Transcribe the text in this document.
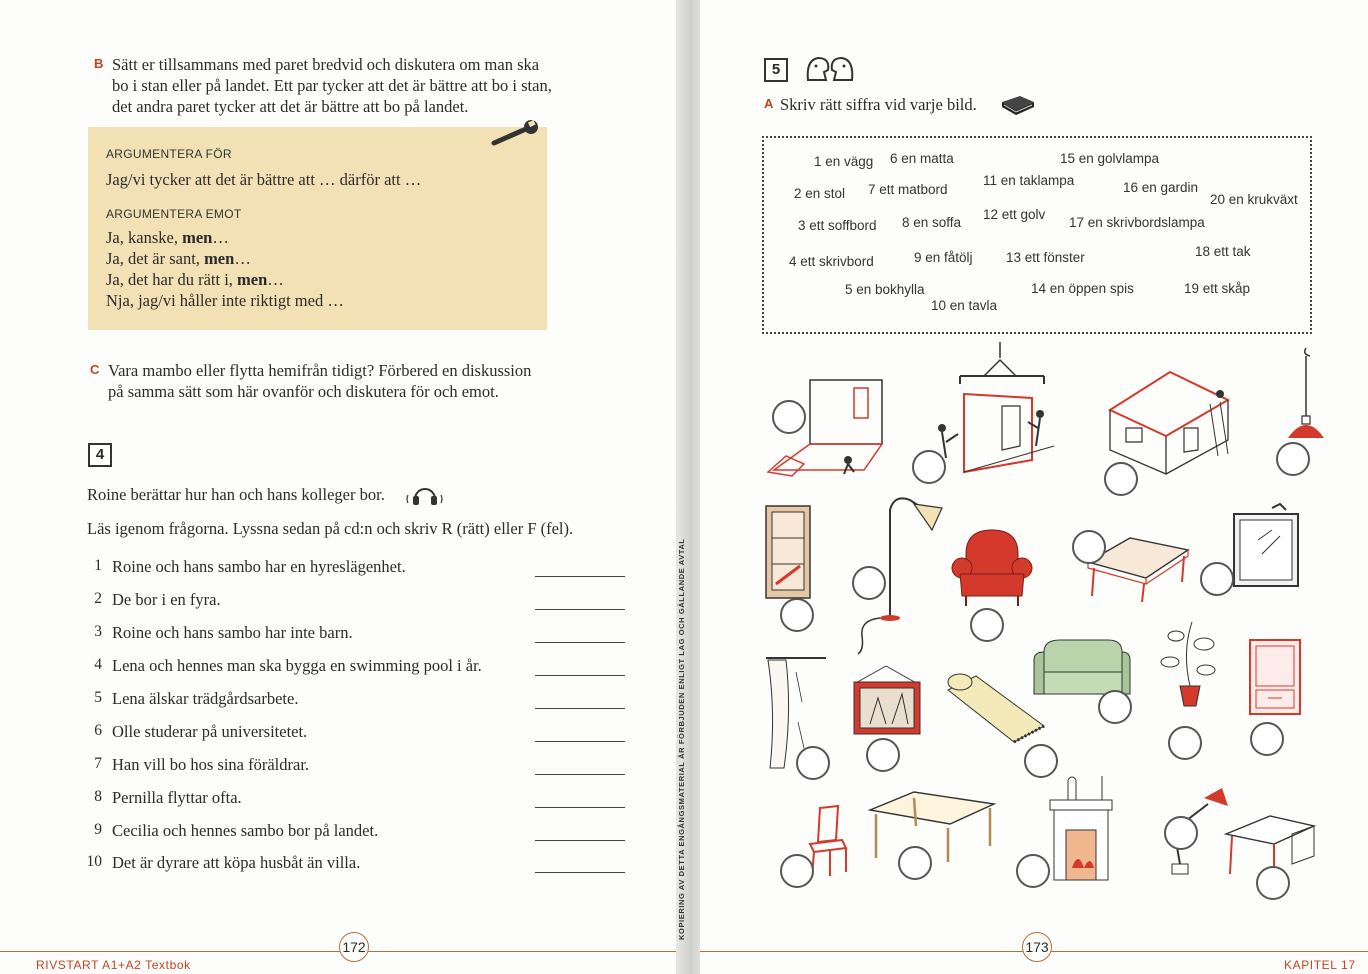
B Sätt er tillsammans med paret bredvid och diskutera om man ska
bo i stan eller på landet. Ett par tycker att det är bättre att bo i stan,
det andra paret tycker att det är bättre att bo på landet.
ARGUMENTERA FÖR
Jag/vi tycker att det är bättre att … därför att …
ARGUMENTERA EMOT
Ja, kanske, men…
Ja, det är sant, men…
Ja, det har du rätt i, men…
Nja, jag/vi håller inte riktigt med …
C Vara mambo eller flytta hemifrån tidigt? Förbered en diskussion
på samma sätt som här ovanför och diskutera för och emot.
4
Roine berättar hur han och hans kolleger bor.
Läs igenom frågorna. Lyssna sedan på cd:n och skriv R (rätt) eller F (fel).
1 Roine och hans sambo har en hyreslägenhet.
2 De bor i en fyra.
3 Roine och hans sambo har inte barn.
4 Lena och hennes man ska bygga en swimming pool i år.
5 Lena älskar trädgårdsarbete.
6 Olle studerar på universitetet.
7 Han vill bo hos sina föräldrar.
8 Pernilla flyttar ofta.
9 Cecilia och hennes sambo bor på landet.
10 Det är dyrare att köpa husbåt än villa.
172
RIVSTART A1+A2 Textbok
KOPIERING AV DETTA ENGÅNGSMATERIAL ÄR FÖRBJUDEN ENLIGT LAG OCH GÄLLANDE AVTAL
5
A Skriv rätt siffra vid varje bild.
1 en vägg
2 en stol
3 ett soffbord
4 ett skrivbord
5 en bokhylla
6 en matta
7 ett matbord
8 en soffa
9 en fåtölj
10 en tavla
11 en taklampa
12 ett golv
13 ett fönster
14 en öppen spis
15 en golvlampa
16 en gardin
17 en skrivbordslampa
18 ett tak
19 ett skåp
20 en krukväxt
173
KAPITEL 17
